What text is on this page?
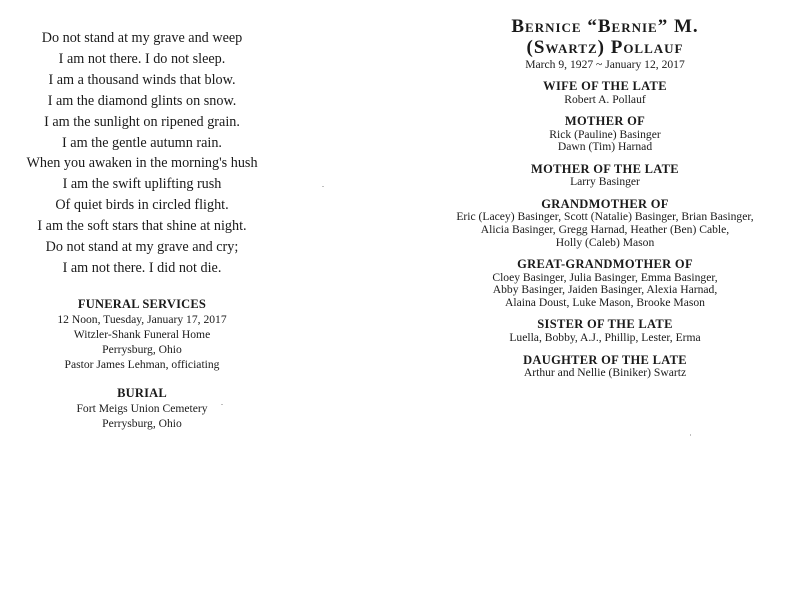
Do not stand at my grave and weep
I am not there. I do not sleep.
I am a thousand winds that blow.
I am the diamond glints on snow.
I am the sunlight on ripened grain.
I am the gentle autumn rain.
When you awaken in the morning's hush
I am the swift uplifting rush
Of quiet birds in circled flight.
I am the soft stars that shine at night.
Do not stand at my grave and cry;
I am not there. I did not die.
FUNERAL SERVICES
12 Noon, Tuesday, January 17, 2017
Witzler-Shank Funeral Home
Perrysburg, Ohio
Pastor James Lehman, officiating
BURIAL
Fort Meigs Union Cemetery
Perrysburg, Ohio
Bernice “Bernie” M.
(Swartz) Pollauf
March 9, 1927 ~ January 12, 2017
WIFE OF THE LATE
Robert A. Pollauf
MOTHER OF
Rick (Pauline) Basinger
Dawn (Tim) Harnad
MOTHER OF THE LATE
Larry Basinger
GRANDMOTHER OF
Eric (Lacey) Basinger, Scott (Natalie) Basinger, Brian Basinger,
Alicia Basinger, Gregg Harnad, Heather (Ben) Cable,
Holly (Caleb) Mason
GREAT-GRANDMOTHER OF
Cloey Basinger, Julia Basinger, Emma Basinger,
Abby Basinger, Jaiden Basinger, Alexia Harnad,
Alaina Doust, Luke Mason, Brooke Mason
SISTER OF THE LATE
Luella, Bobby, A.J., Phillip, Lester, Erma
DAUGHTER OF THE LATE
Arthur and Nellie (Biniker) Swartz
